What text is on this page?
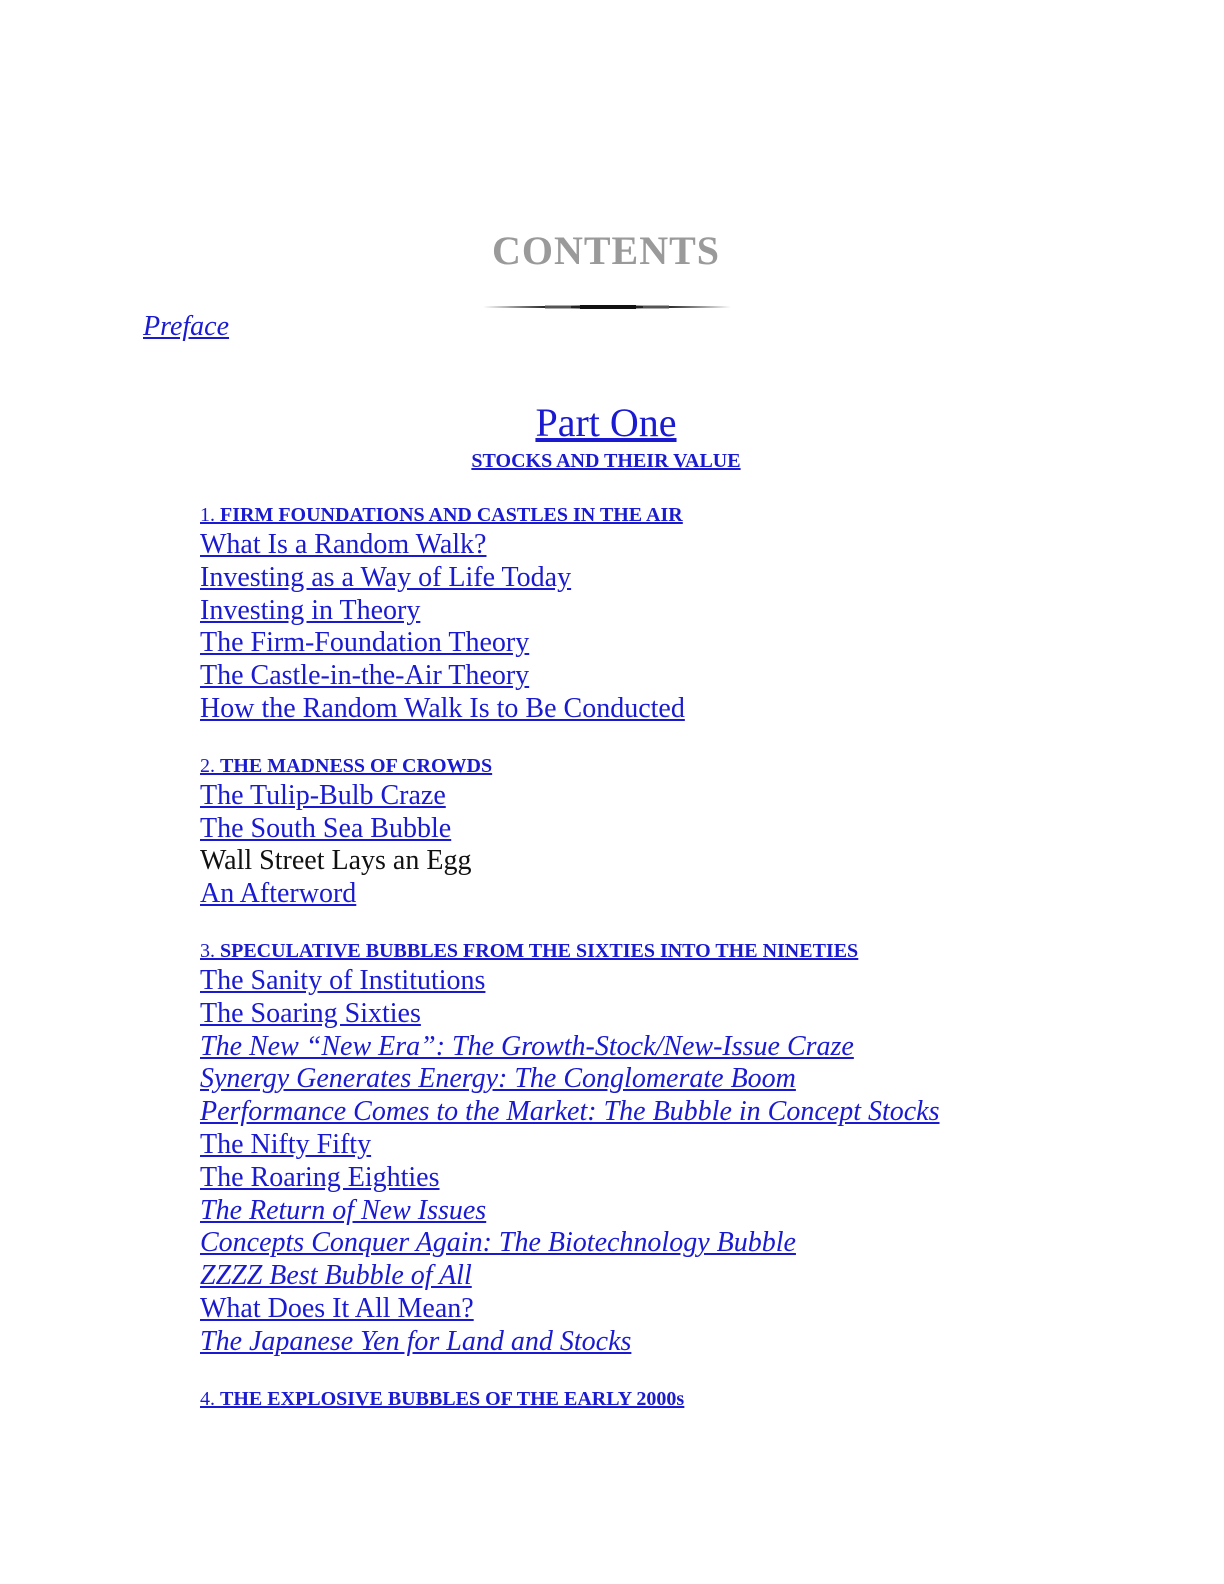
CONTENTS
Preface
Part One
STOCKS AND THEIR VALUE
1. FIRM FOUNDATIONS AND CASTLES IN THE AIR
What Is a Random Walk?
Investing as a Way of Life Today
Investing in Theory
The Firm-Foundation Theory
The Castle-in-the-Air Theory
How the Random Walk Is to Be Conducted
2. THE MADNESS OF CROWDS
The Tulip-Bulb Craze
The South Sea Bubble
Wall Street Lays an Egg
An Afterword
3. SPECULATIVE BUBBLES FROM THE SIXTIES INTO THE NINETIES
The Sanity of Institutions
The Soaring Sixties
The New “New Era”: The Growth-Stock/New-Issue Craze
Synergy Generates Energy: The Conglomerate Boom
Performance Comes to the Market: The Bubble in Concept Stocks
The Nifty Fifty
The Roaring Eighties
The Return of New Issues
Concepts Conquer Again: The Biotechnology Bubble
ZZZZ Best Bubble of All
What Does It All Mean?
The Japanese Yen for Land and Stocks
4. THE EXPLOSIVE BUBBLES OF THE EARLY 2000s
